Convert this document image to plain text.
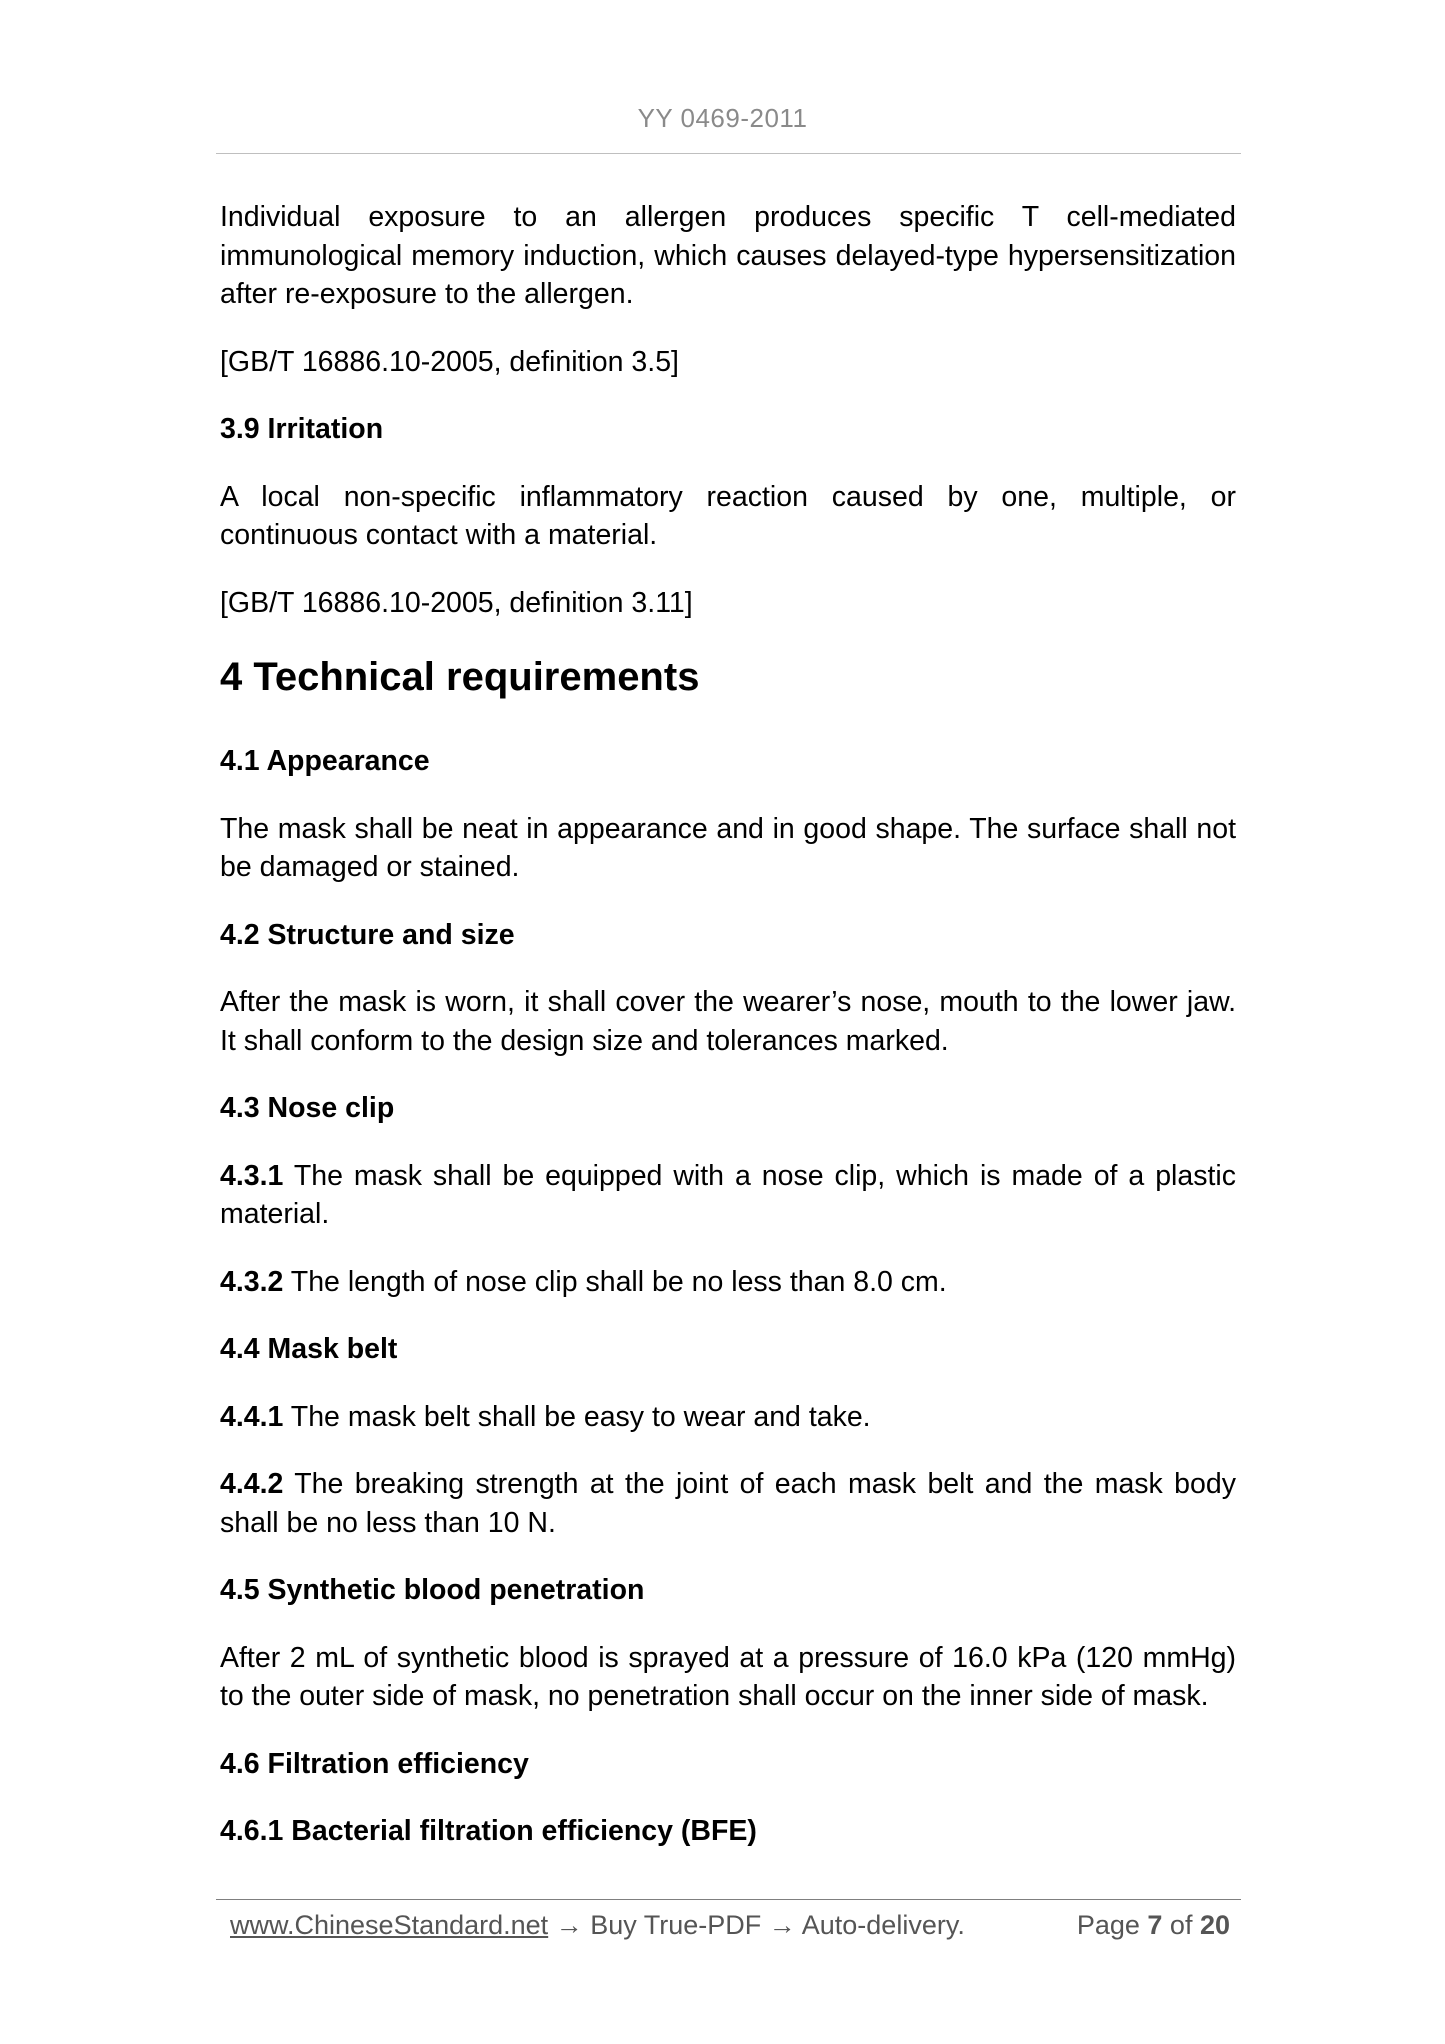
YY 0469-2011

Individual exposure to an allergen produces specific T cell-mediated immunological memory induction, which causes delayed-type hypersensitization after re-exposure to the allergen.

[GB/T 16886.10-2005, definition 3.5]

3.9 Irritation

A local non-specific inflammatory reaction caused by one, multiple, or continuous contact with a material.

[GB/T 16886.10-2005, definition 3.11]

4 Technical requirements

4.1 Appearance

The mask shall be neat in appearance and in good shape. The surface shall not be damaged or stained.

4.2 Structure and size

After the mask is worn, it shall cover the wearer’s nose, mouth to the lower jaw. It shall conform to the design size and tolerances marked.

4.3 Nose clip

4.3.1 The mask shall be equipped with a nose clip, which is made of a plastic material.

4.3.2 The length of nose clip shall be no less than 8.0 cm.

4.4 Mask belt

4.4.1 The mask belt shall be easy to wear and take.

4.4.2 The breaking strength at the joint of each mask belt and the mask body shall be no less than 10 N.

4.5 Synthetic blood penetration

After 2 mL of synthetic blood is sprayed at a pressure of 16.0 kPa (120 mmHg) to the outer side of mask, no penetration shall occur on the inner side of mask.

4.6 Filtration efficiency

4.6.1 Bacterial filtration efficiency (BFE)

www.ChineseStandard.net → Buy True-PDF → Auto-delivery.	Page 7 of 20
